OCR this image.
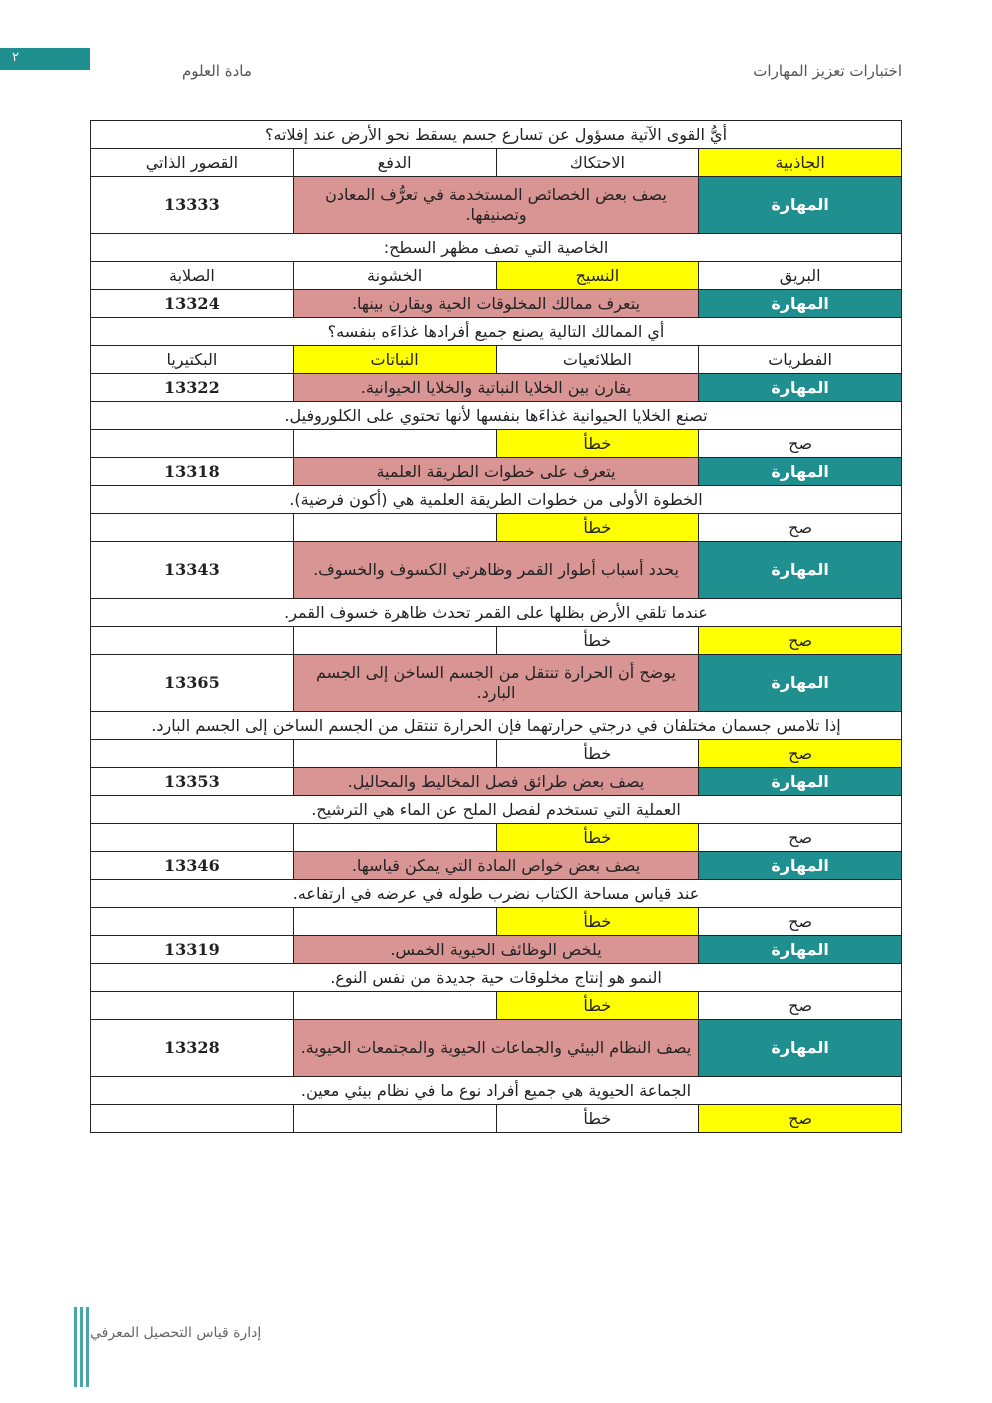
٢
اختبارات تعزيز المهارات
مادة العلوم
أيُّ القوى الآتية مسؤول عن تسارع جسم يسقط نحو الأرض عند إفلاته؟			
الجاذبية	الاحتكاك	الدفع	القصور الذاتي
المهارة	يصف بعض الخصائص المستخدمة في تعرُّف المعادن وتصنيفها.		13333
الخاصية التي تصف مظهر السطح:			
البريق	النسيج	الخشونة	الصلابة
المهارة	يتعرف ممالك المخلوقات الحية ويقارن بينها.		13324
أي الممالك التالية يصنع جميع أفرادها غذاءَه بنفسه؟			
الفطريات	الطلائعيات	النباتات	البكتيريا
المهارة	يقارن بين الخلايا النباتية والخلايا الحيوانية.		13322
تصنع الخلايا الحيوانية غذاءَها بنفسها لأنها تحتوي على الكلوروفيل.			
صح	خطأ		
المهارة	يتعرف على خطوات الطريقة العلمية		13318
الخطوة الأولى من خطوات الطريقة العلمية هي (أكون فرضية).			
صح	خطأ		
المهارة	يحدد أسباب أطوار القمر وظاهرتي الكسوف والخسوف.		13343
عندما تلقي الأرض بظلها على القمر تحدث ظاهرة خسوف القمر.			
صح	خطأ		
المهارة	يوضح أن الحرارة تنتقل من الجسم الساخن إلى الجسم البارد.		13365
إذا تلامس جسمان مختلفان في درجتي حرارتهما فإن الحرارة تنتقل من الجسم الساخن إلى الجسم البارد.			
صح	خطأ		
المهارة	يصف بعض طرائق فصل المخاليط والمحاليل.		13353
العملية التي تستخدم لفصل الملح عن الماء هي الترشيح.			
صح	خطأ		
المهارة	يصف بعض خواص المادة التي يمكن قياسها.		13346
عند قياس مساحة الكتاب نضرب طوله في عرضه في ارتفاعه.			
صح	خطأ		
المهارة	يلخص الوظائف الحيوية الخمس.		13319
النمو هو إنتاج مخلوقات حية جديدة من نفس النوع.			
صح	خطأ		
المهارة	يصف النظام البيئي والجماعات الحيوية والمجتمعات الحيوية.		13328
الجماعة الحيوية هي جميع أفراد نوع ما في نظام بيئي معين.			
صح	خطأ		
إدارة قياس التحصيل المعرفي
